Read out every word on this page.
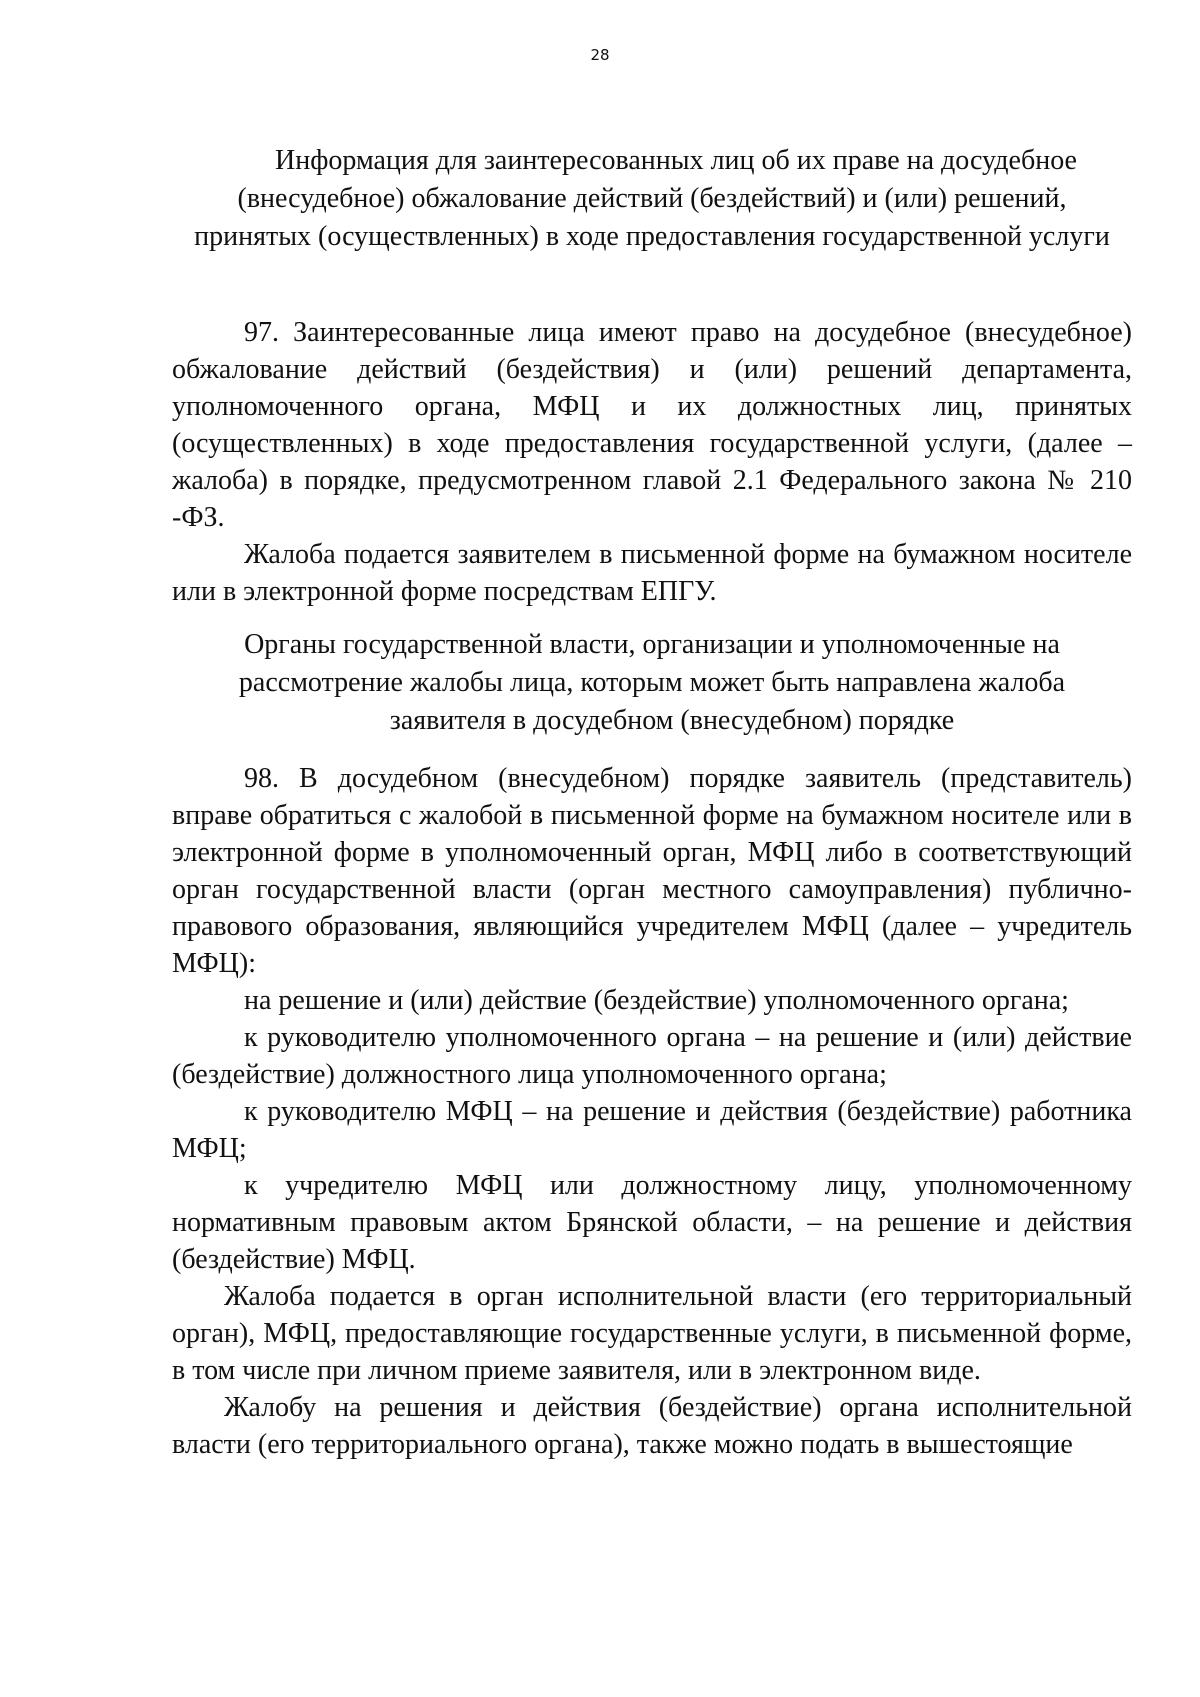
28
Информация для заинтересованных лиц об их праве на досудебное
(внесудебное) обжалование действий (бездействий) и (или) решений,
принятых (осуществленных) в ходе предоставления государственной услуги

97. Заинтересованные лица имеют право на досудебное (внесудебное) обжалование действий (бездействия) и (или) решений департамента, уполномоченного органа, МФЦ и их должностных лиц, принятых (осуществленных) в ходе предоставления государственной услуги, (далее – жалоба) в порядке, предусмотренном главой 2.1 Федерального закона № 210 -ФЗ.

Жалоба подается заявителем в письменной форме на бумажном носителе или в электронной форме посредствам ЕПГУ.

Органы государственной власти, организации и уполномоченные на
рассмотрение жалобы лица, которым может быть направлена жалоба
заявителя в досудебном (внесудебном) порядке

98. В досудебном (внесудебном) порядке заявитель (представитель) вправе обратиться с жалобой в письменной форме на бумажном носителе или в электронной форме в уполномоченный орган, МФЦ либо в соответствующий орган государственной власти (орган местного самоуправления) публично-правового образования, являющийся учредителем МФЦ (далее – учредитель МФЦ):

на решение и (или) действие (бездействие) уполномоченного органа;

к руководителю уполномоченного органа – на решение и (или) действие (бездействие) должностного лица уполномоченного органа;

к руководителю МФЦ – на решение и действия (бездействие) работника МФЦ;

к учредителю МФЦ или должностному лицу, уполномоченному нормативным правовым актом Брянской области, – на решение и действия (бездействие) МФЦ.

Жалоба подается в орган исполнительной власти (его территориальный орган), МФЦ, предоставляющие государственные услуги, в письменной форме, в том числе при личном приеме заявителя, или в электронном виде.

Жалобу на решения и действия (бездействие) органа исполнительной власти (его территориального органа), также можно подать в вышестоящие
